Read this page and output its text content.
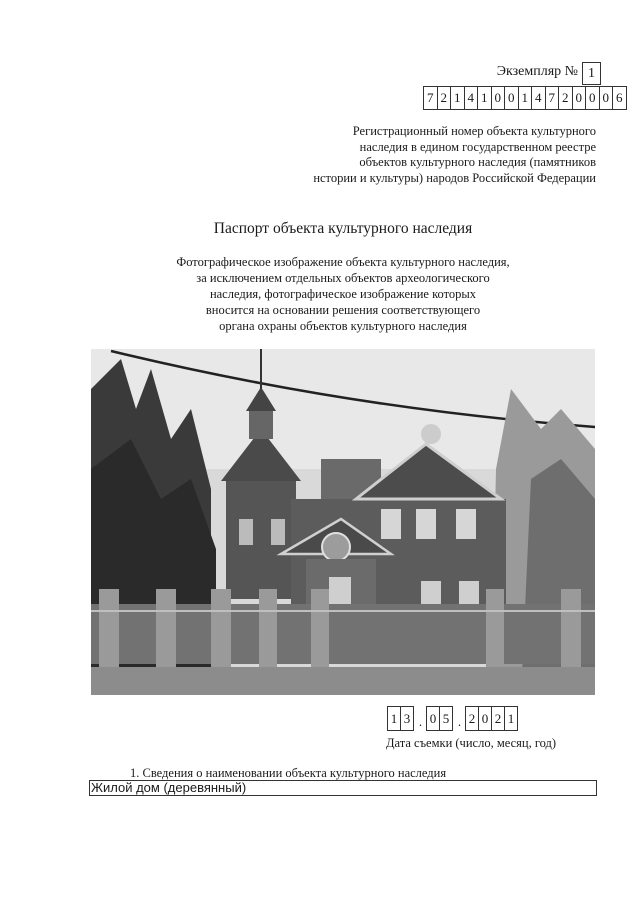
Экземпляр № 1
7 2 1 4 1 0 0 1 4 7 2 0 0 0 6
Регистрационный номер объекта культурного
наследия в едином государственном реестре
объектов культурного наследия (памятников
нстории и культуры) народов Российской Федерации
Паспорт объекта культурного наследия
Фотографическое изображение объекта культурного наследия,
за исключением отдельных объектов археологического
наследия, фотографическое изображение которых
вносится на основании решения соответствующего
органа охраны объектов культурного наследия
1 3 . 0 5 . 2 0 2 1
Дата съемки (число, месяц, год)
1. Сведения о наименовании объекта культурного наследия
Жилой дом (деревянный)
